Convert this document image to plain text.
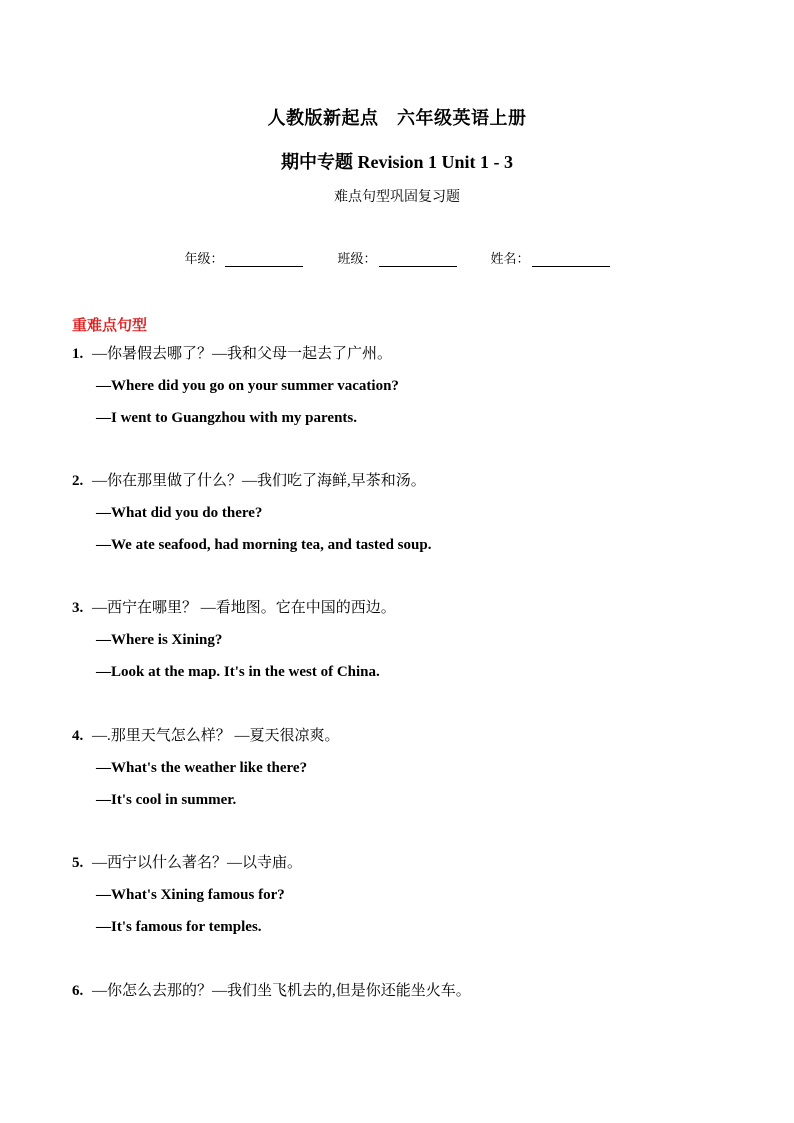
人教版新起点　六年级英语上册
期中专题 Revision 1 Unit 1 - 3
难点句型巩固复习题
年级：	班级：	姓名：
重难点句型
1. —你暑假去哪了？—我和父母一起去了广州。
—Where did you go on your summer vacation?
—I went to Guangzhou with my parents.
2. —你在那里做了什么？—我们吃了海鲜,早茶和汤。
—What did you do there?
—We ate seafood, had morning tea, and tasted soup.
3. —西宁在哪里？ —看地图。它在中国的西边。
—Where is Xining?
—Look at the map. It's in the west of China.
4. —.那里天气怎么样？ —夏天很凉爽。
—What's the weather like there?
—It's cool in summer.
5. —西宁以什么著名？—以寺庙。
—What's Xining famous for?
—It's famous for temples.
6. —你怎么去那的？—我们坐飞机去的,但是你还能坐火车。
